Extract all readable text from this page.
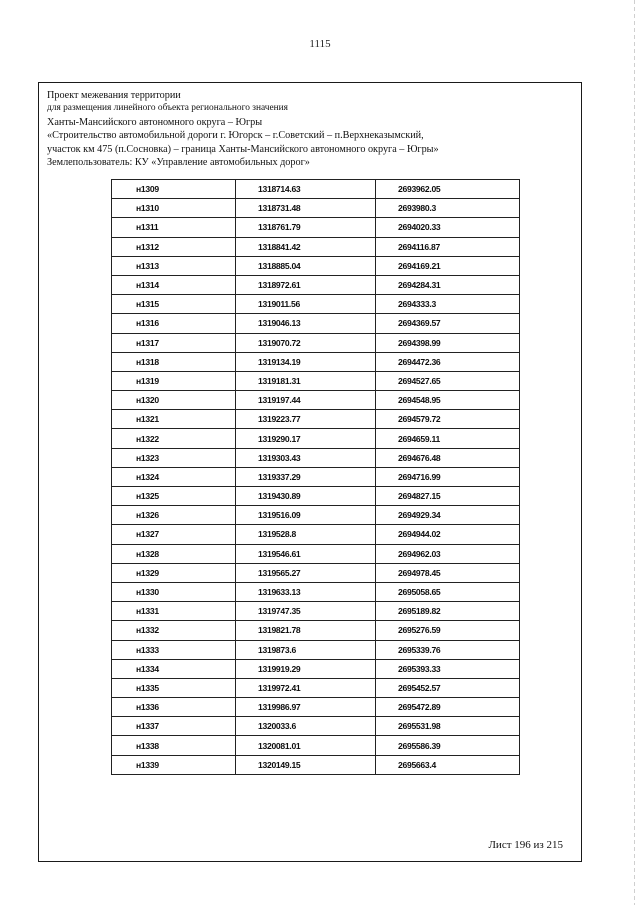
1115
Проект межевания территории
для размещения линейного объекта регионального значения
Ханты-Мансийского автономного округа – Югры
«Строительство автомобильной дороги г. Югорск – г.Советский – п.Верхнеказымский,
участок км 475 (п.Сосновка) – граница Ханты-Мансийского автономного округа – Югры»
Землепользователь: КУ «Управление автомобильных дорог»
н1309	1318714.63	2693962.05
н1310	1318731.48	2693980.3
н1311	1318761.79	2694020.33
н1312	1318841.42	2694116.87
н1313	1318885.04	2694169.21
н1314	1318972.61	2694284.31
н1315	1319011.56	2694333.3
н1316	1319046.13	2694369.57
н1317	1319070.72	2694398.99
н1318	1319134.19	2694472.36
н1319	1319181.31	2694527.65
н1320	1319197.44	2694548.95
н1321	1319223.77	2694579.72
н1322	1319290.17	2694659.11
н1323	1319303.43	2694676.48
н1324	1319337.29	2694716.99
н1325	1319430.89	2694827.15
н1326	1319516.09	2694929.34
н1327	1319528.8	2694944.02
н1328	1319546.61	2694962.03
н1329	1319565.27	2694978.45
н1330	1319633.13	2695058.65
н1331	1319747.35	2695189.82
н1332	1319821.78	2695276.59
н1333	1319873.6	2695339.76
н1334	1319919.29	2695393.33
н1335	1319972.41	2695452.57
н1336	1319986.97	2695472.89
н1337	1320033.6	2695531.98
н1338	1320081.01	2695586.39
н1339	1320149.15	2695663.4
Лист 196 из 215
